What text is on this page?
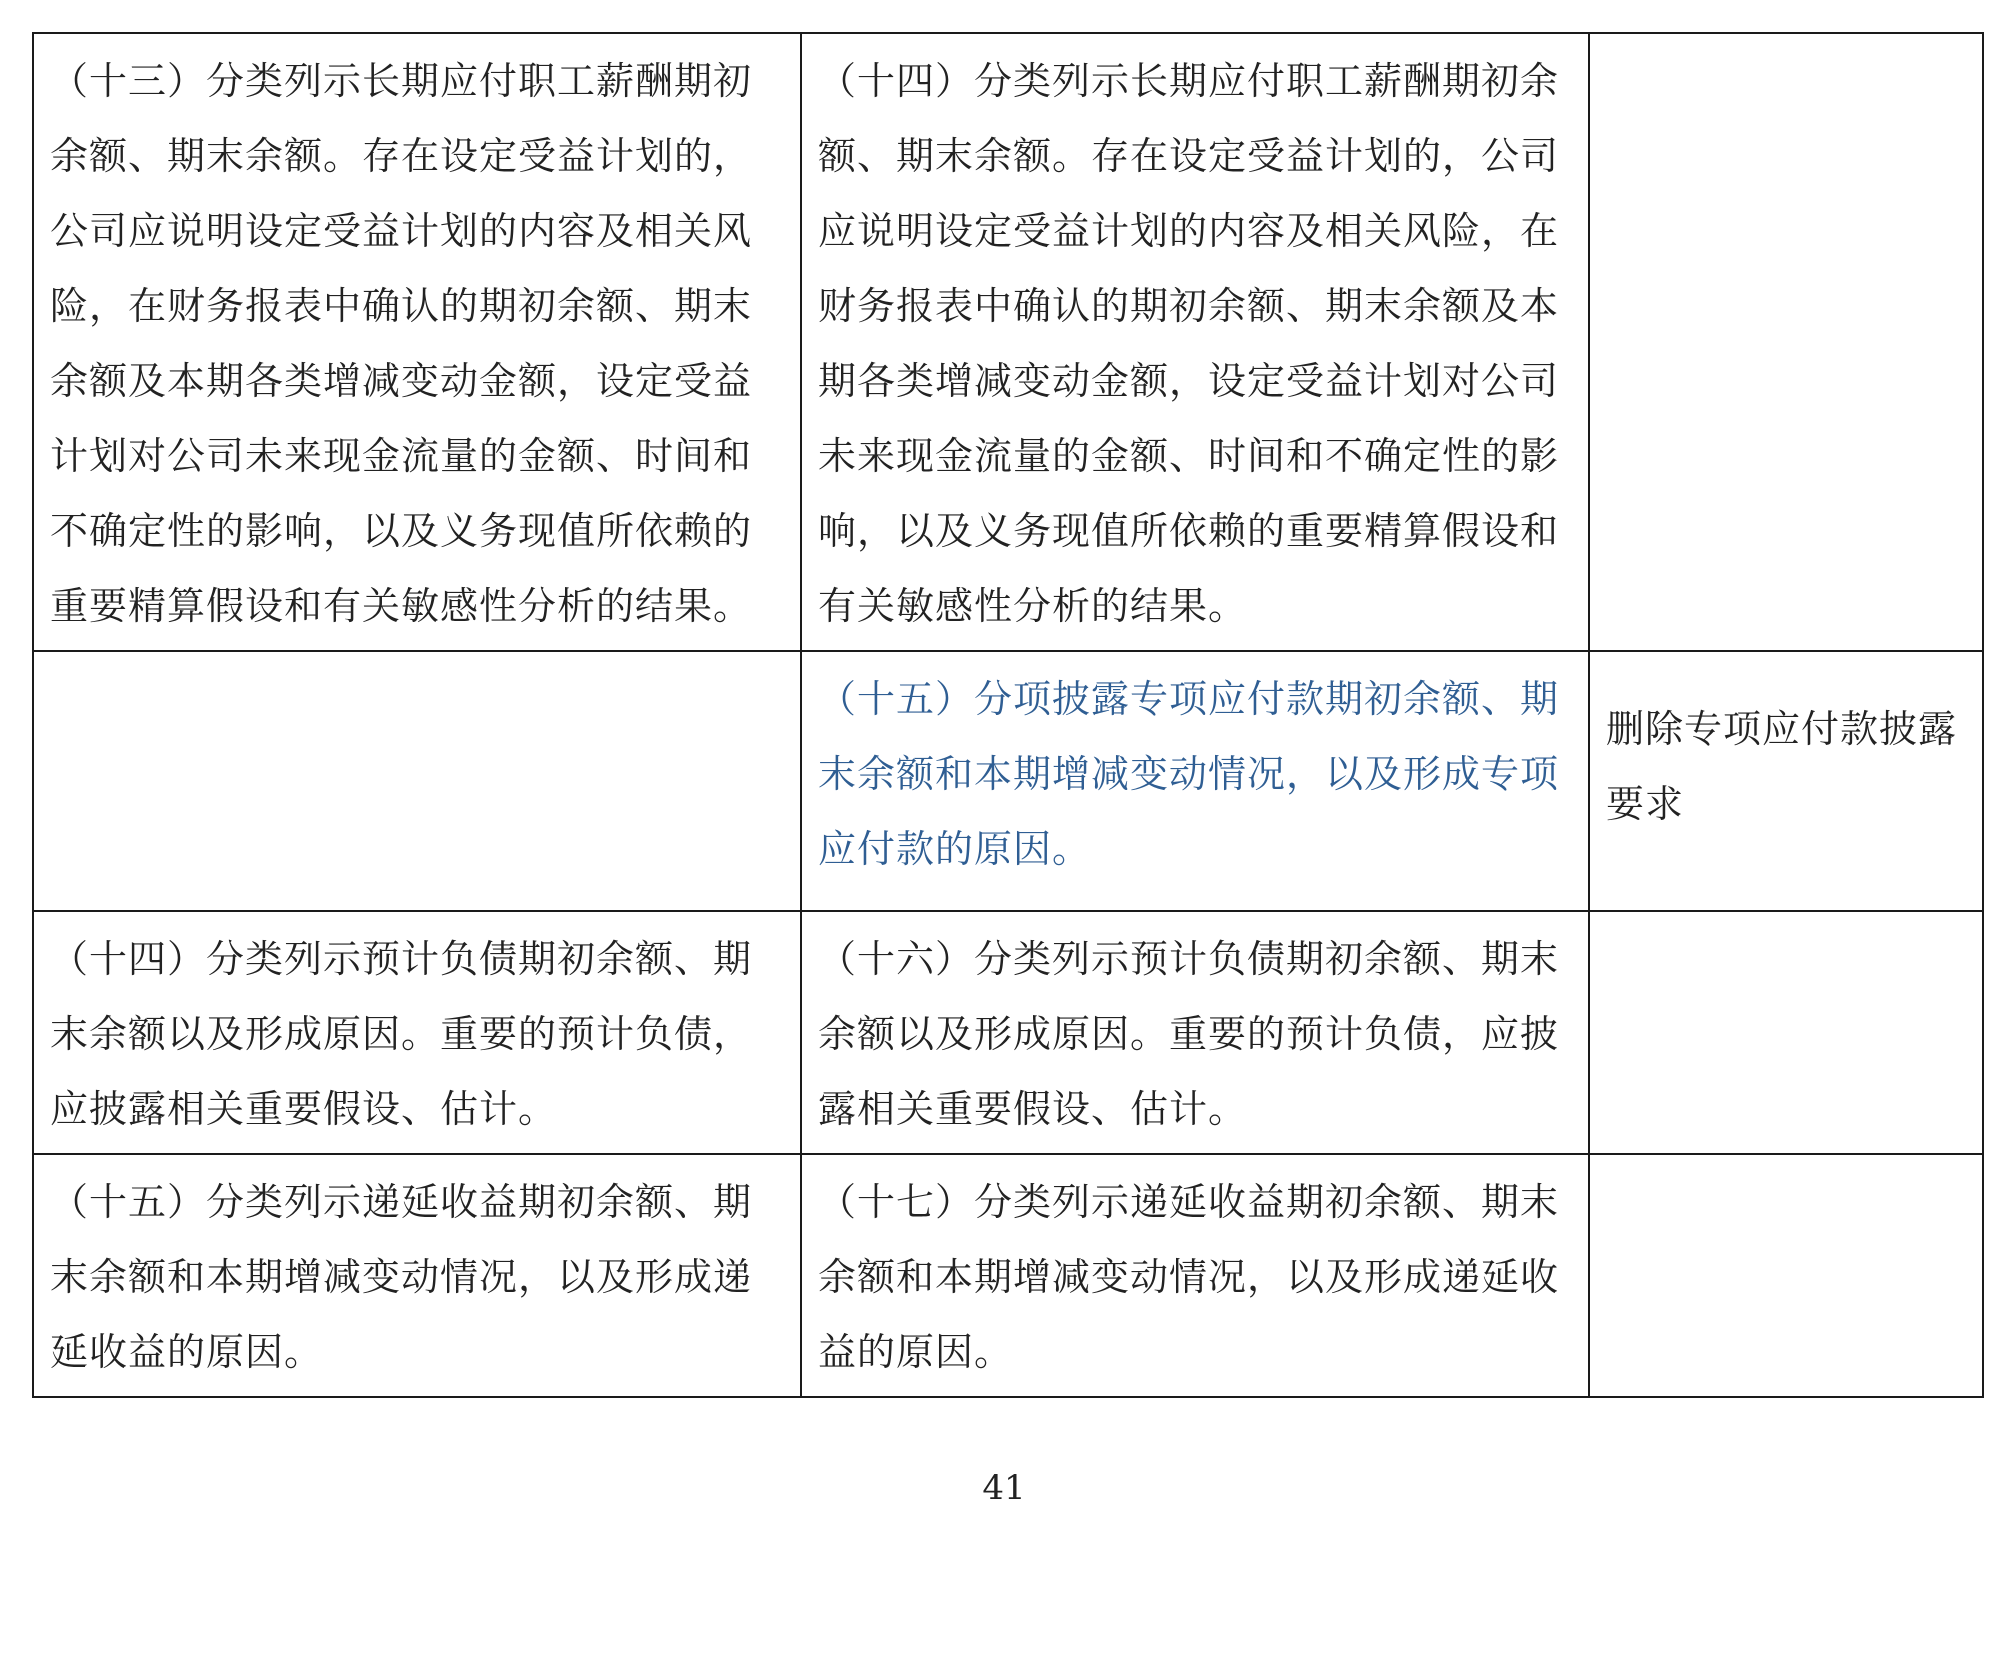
（十三）分类列示长期应付职工薪酬期初余额、期末余额。存在设定受益计划的，公司应说明设定受益计划的内容及相关风险，在财务报表中确认的期初余额、期末余额及本期各类增减变动金额，设定受益计划对公司未来现金流量的金额、时间和不确定性的影响，以及义务现值所依赖的重要精算假设和有关敏感性分析的结果。	（十四）分类列示长期应付职工薪酬期初余额、期末余额。存在设定受益计划的，公司应说明设定受益计划的内容及相关风险，在财务报表中确认的期初余额、期末余额及本期各类增减变动金额，设定受益计划对公司未来现金流量的金额、时间和不确定性的影响，以及义务现值所依赖的重要精算假设和有关敏感性分析的结果。	
	（十五）分项披露专项应付款期初余额、期末余额和本期增减变动情况，以及形成专项应付款的原因。	删除专项应付款披露要求
（十四）分类列示预计负债期初余额、期末余额以及形成原因。重要的预计负债，应披露相关重要假设、估计。	（十六）分类列示预计负债期初余额、期末余额以及形成原因。重要的预计负债，应披露相关重要假设、估计。	
（十五）分类列示递延收益期初余额、期末余额和本期增减变动情况，以及形成递延收益的原因。	（十七）分类列示递延收益期初余额、期末余额和本期增减变动情况，以及形成递延收益的原因。	
41
